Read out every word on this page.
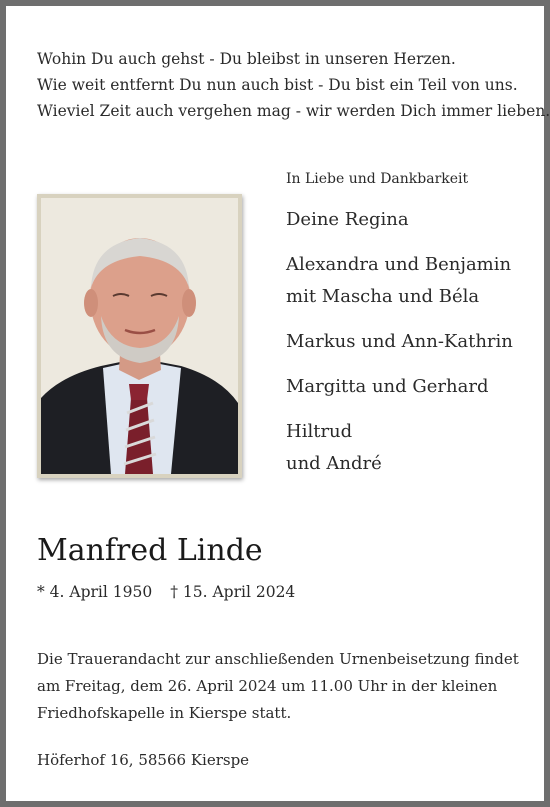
Wohin Du auch gehst - Du bleibst in unseren Herzen.
Wie weit entfernt Du nun auch bist - Du bist ein Teil von uns.
Wieviel Zeit auch vergehen mag - wir werden Dich immer lieben.
In Liebe und Dankbarkeit
Deine Regina
Alexandra und Benjamin
mit Mascha und Béla
Markus und Ann-Kathrin
Margitta und Gerhard
Hiltrud
und André
Manfred Linde
* 4. April 1950 † 15. April 2024
Die Trauerandacht zur anschließenden Urnenbeisetzung findet
am Freitag, dem 26. April 2024 um 11.00 Uhr in der kleinen
Friedhofskapelle in Kierspe statt.
Höferhof 16, 58566 Kierspe
